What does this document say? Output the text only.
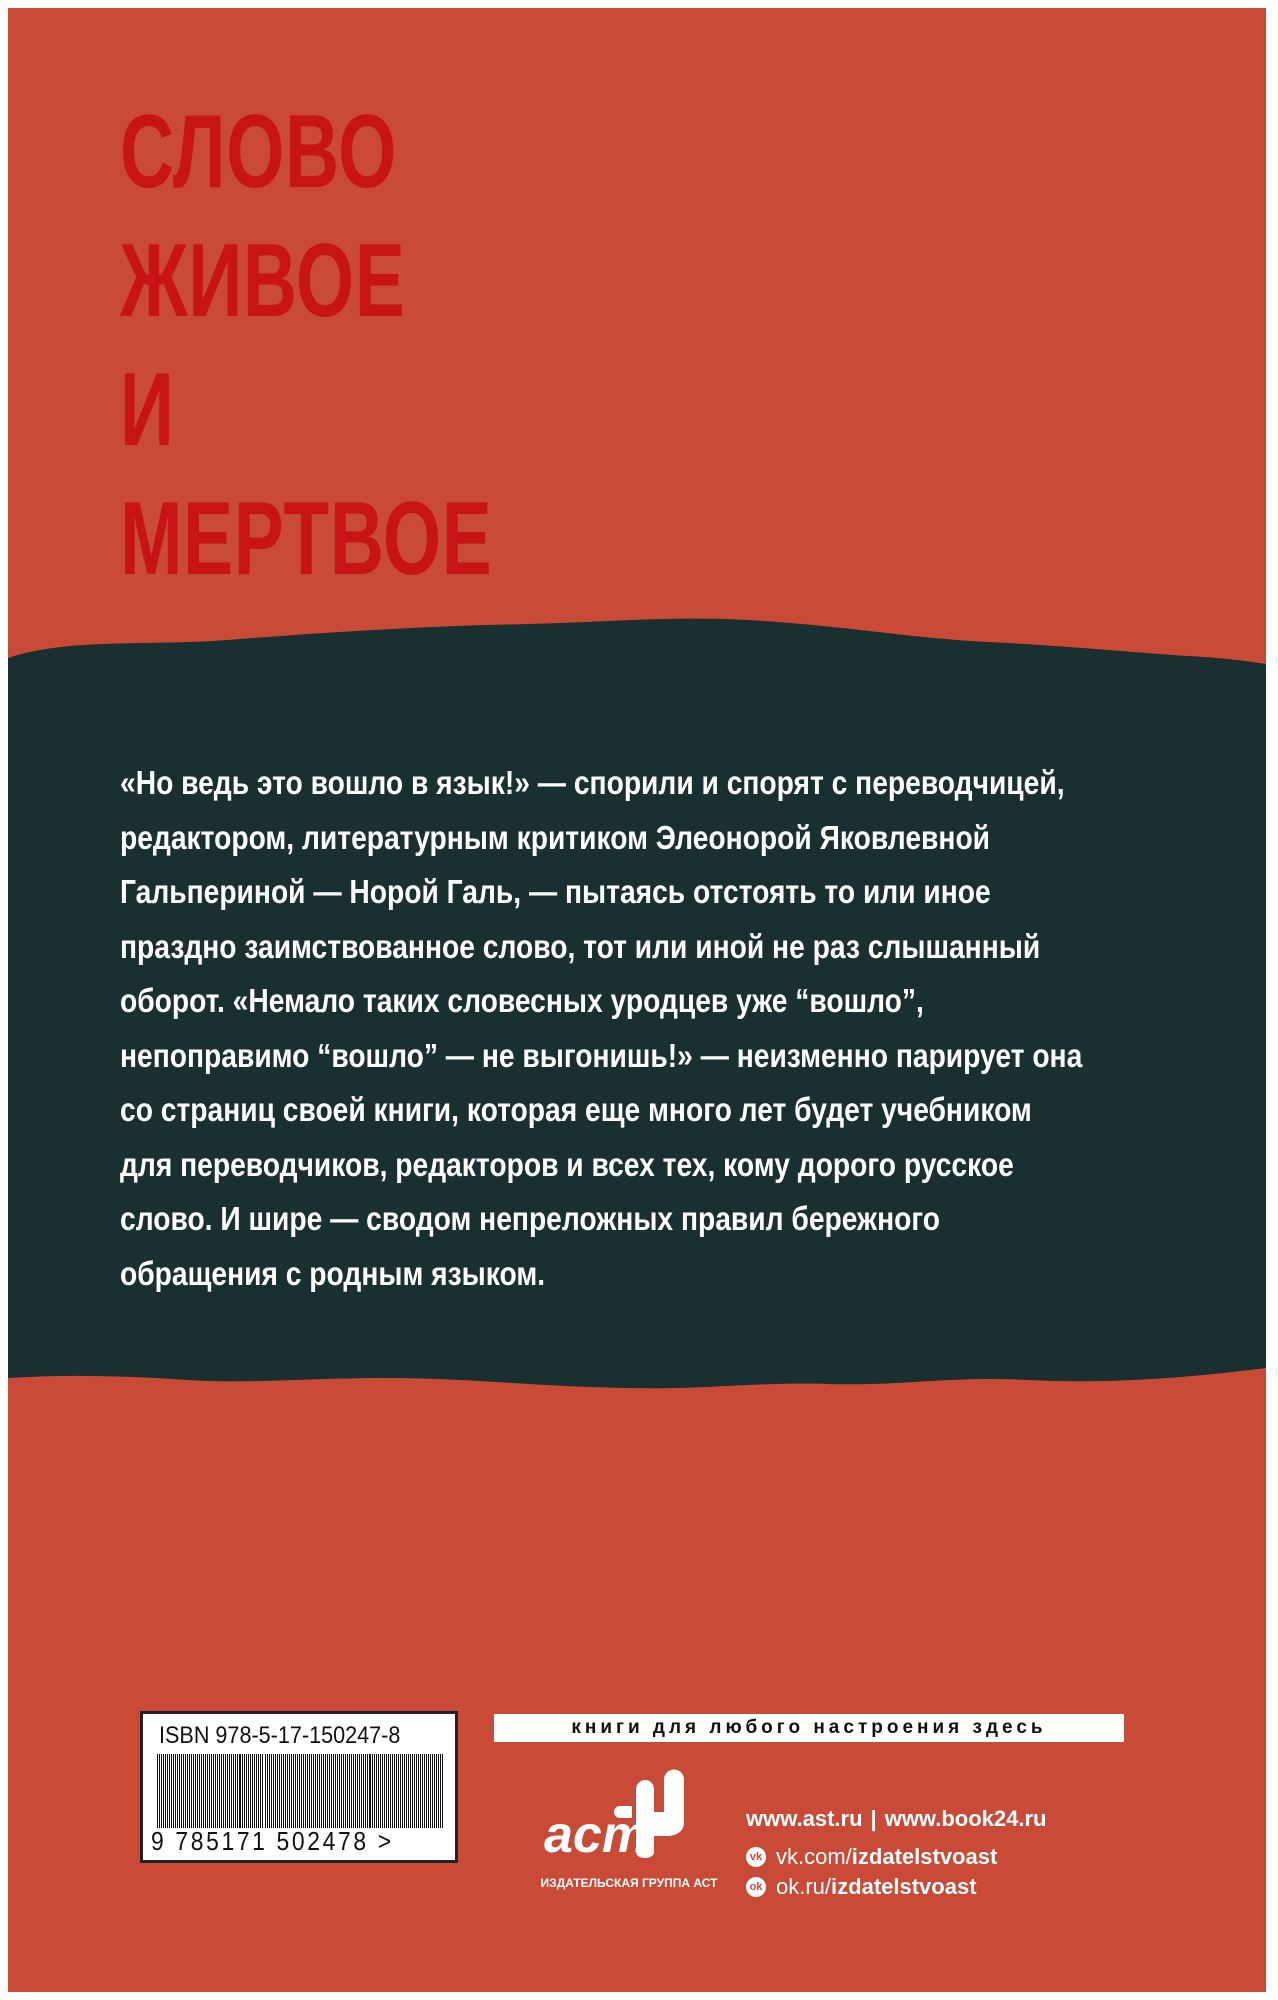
СЛОВО
ЖИВОЕ
И
МЕРТВОЕ
«Но ведь это вошло в язык!» — спорили и спорят с переводчицей,
редактором, литературным критиком Элеонорой Яковлевной
Гальпериной — Норой Галь, — пытаясь отстоять то или иное
праздно заимствованное слово, тот или иной не раз слышанный
оборот. «Немало таких словесных уродцев уже “вошло”,
непоправимо “вошло” — не выгонишь!» — неизменно парирует она
со страниц своей книги, которая еще много лет будет учебником
для переводчиков, редакторов и всех тех, кому дорого русское
слово. И шире — сводом непреложных правил бережного
обращения с родным языком.
ISBN 978-5-17-150247-8
9 785171 502478 >
книги для любого настроения здесь
аст
ИЗДАТЕЛЬСКАЯ ГРУППА АСТ
www.ast.ru | www.book24.ru
vk vk.com/ izdatelstvoast
ok ok.ru/ izdatelstvoast
